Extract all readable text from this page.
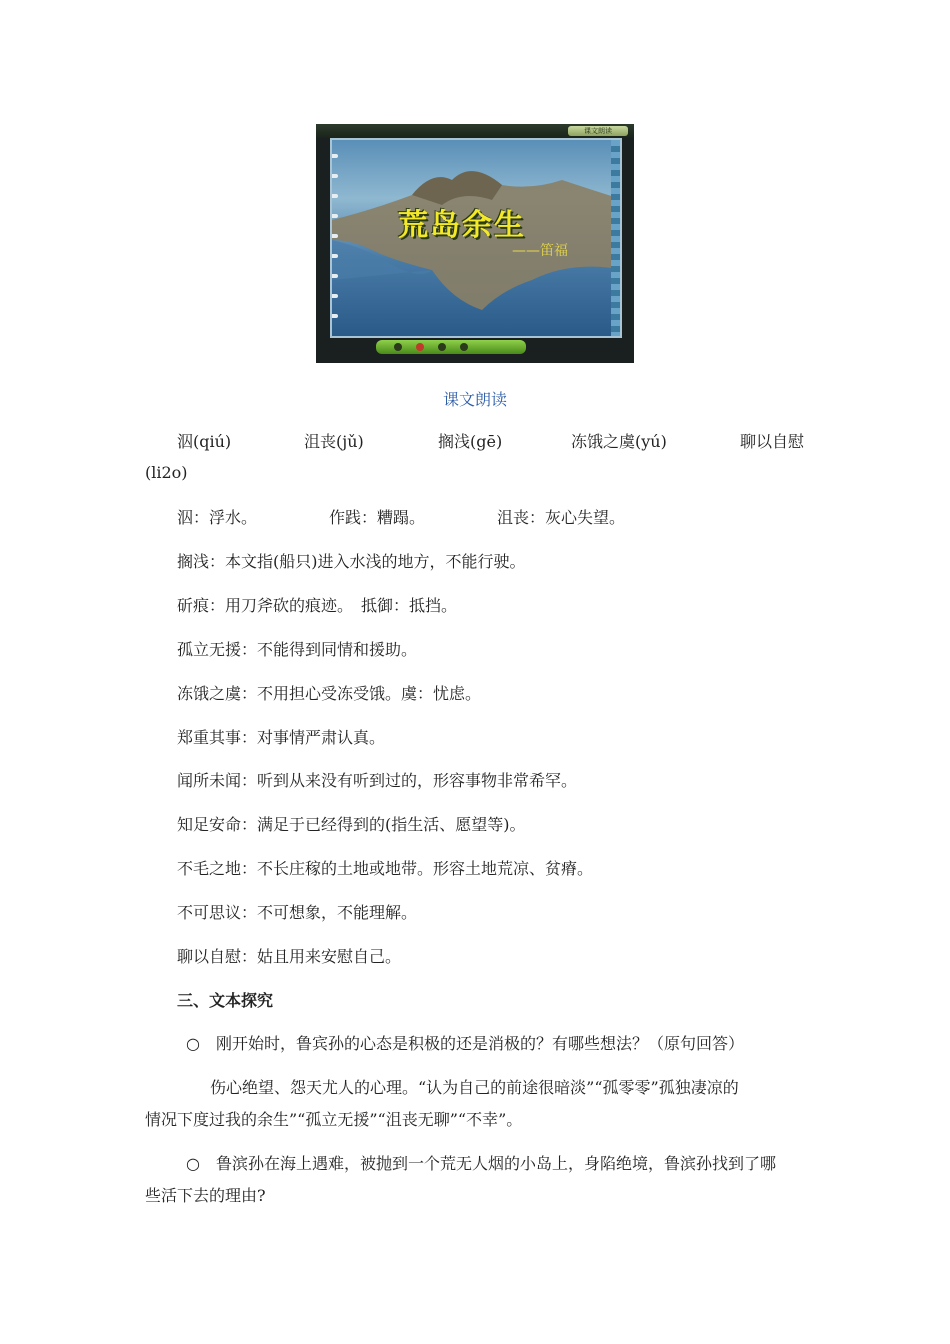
课文朗读
荒岛余生
——笛福
课文朗读
泅(qiú)	沮丧(jǔ)	搁浅(gē)	冻饿之虞(yú)	聊以自慰
(li2o)
泅：浮水。	作践：糟蹋。	沮丧：灰心失望。
搁浅：本文指(船只)进入水浅的地方，不能行驶。
斫痕：用刀斧砍的痕迹。　抵御：抵挡。
孤立无援：不能得到同情和援助。
冻饿之虞：不用担心受冻受饿。虞：忧虑。
郑重其事：对事情严肃认真。
闻所未闻：听到从来没有听到过的，形容事物非常希罕。
知足安命：满足于已经得到的(指生活、愿望等)。
不毛之地：不长庄稼的土地或地带。形容土地荒凉、贫瘠。
不可思议：不可想象，不能理解。
聊以自慰：姑且用来安慰自己。
三、文本探究
○　刚开始时，鲁宾孙的心态是积极的还是消极的？有哪些想法？（原句回答）
伤心绝望、怨天尤人的心理。“认为自己的前途很暗淡”“孤零零”孤独凄凉的
情况下度过我的余生”“孤立无援”“沮丧无聊”“不幸”。
○　鲁滨孙在海上遇难，被抛到一个荒无人烟的小岛上，身陷绝境，鲁滨孙找到了哪
些活下去的理由?
